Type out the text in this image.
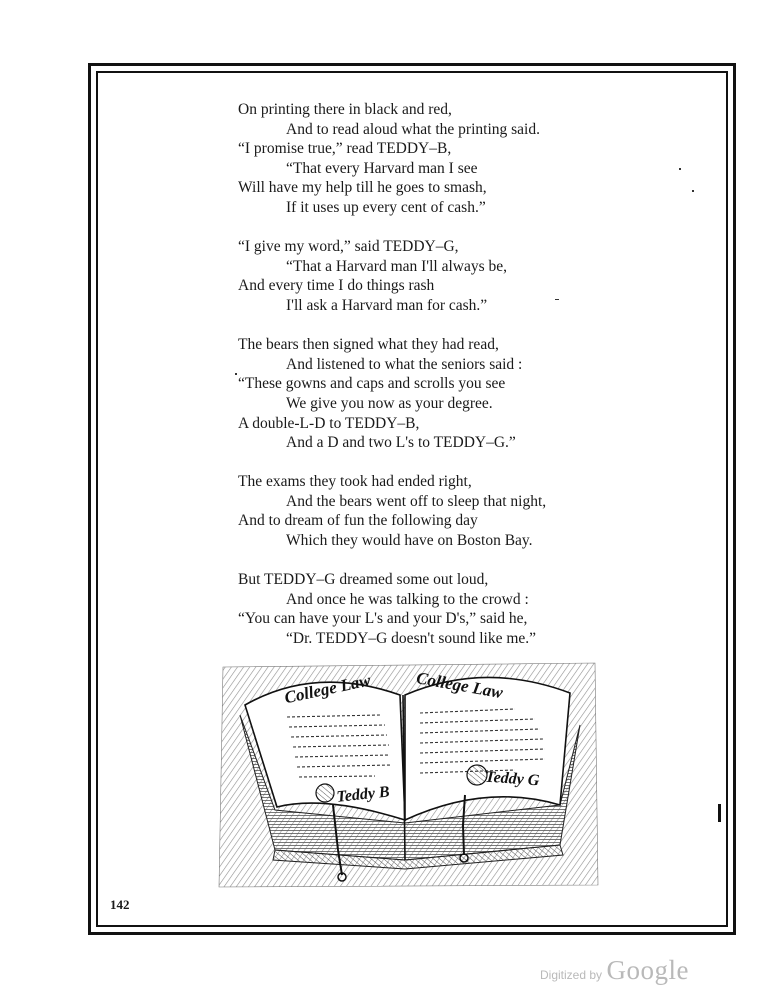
On printing there in black and red,
And to read aloud what the printing said.
“I promise true,” read TEDDY–B,
“That every Harvard man I see
Will have my help till he goes to smash,
If it uses up every cent of cash.”
“I give my word,” said TEDDY–G,
“That a Harvard man I'll always be,
And every time I do things rash
I'll ask a Harvard man for cash.”
The bears then signed what they had read,
And listened to what the seniors said :
“These gowns and caps and scrolls you see
We give you now as your degree.
A double-L-D to TEDDY–B,
And a D and two L's to TEDDY–G.”
The exams they took had ended right,
And the bears went off to sleep that night,
And to dream of fun the following day
Which they would have on Boston Bay.
But TEDDY–G dreamed some out loud,
And once he was talking to the crowd :
“You can have your L's and your D's,” said he,
“Dr. TEDDY–G doesn't sound like me.”
College Law	College Law
Teddy B
Teddy G
142
Digitized by Google
